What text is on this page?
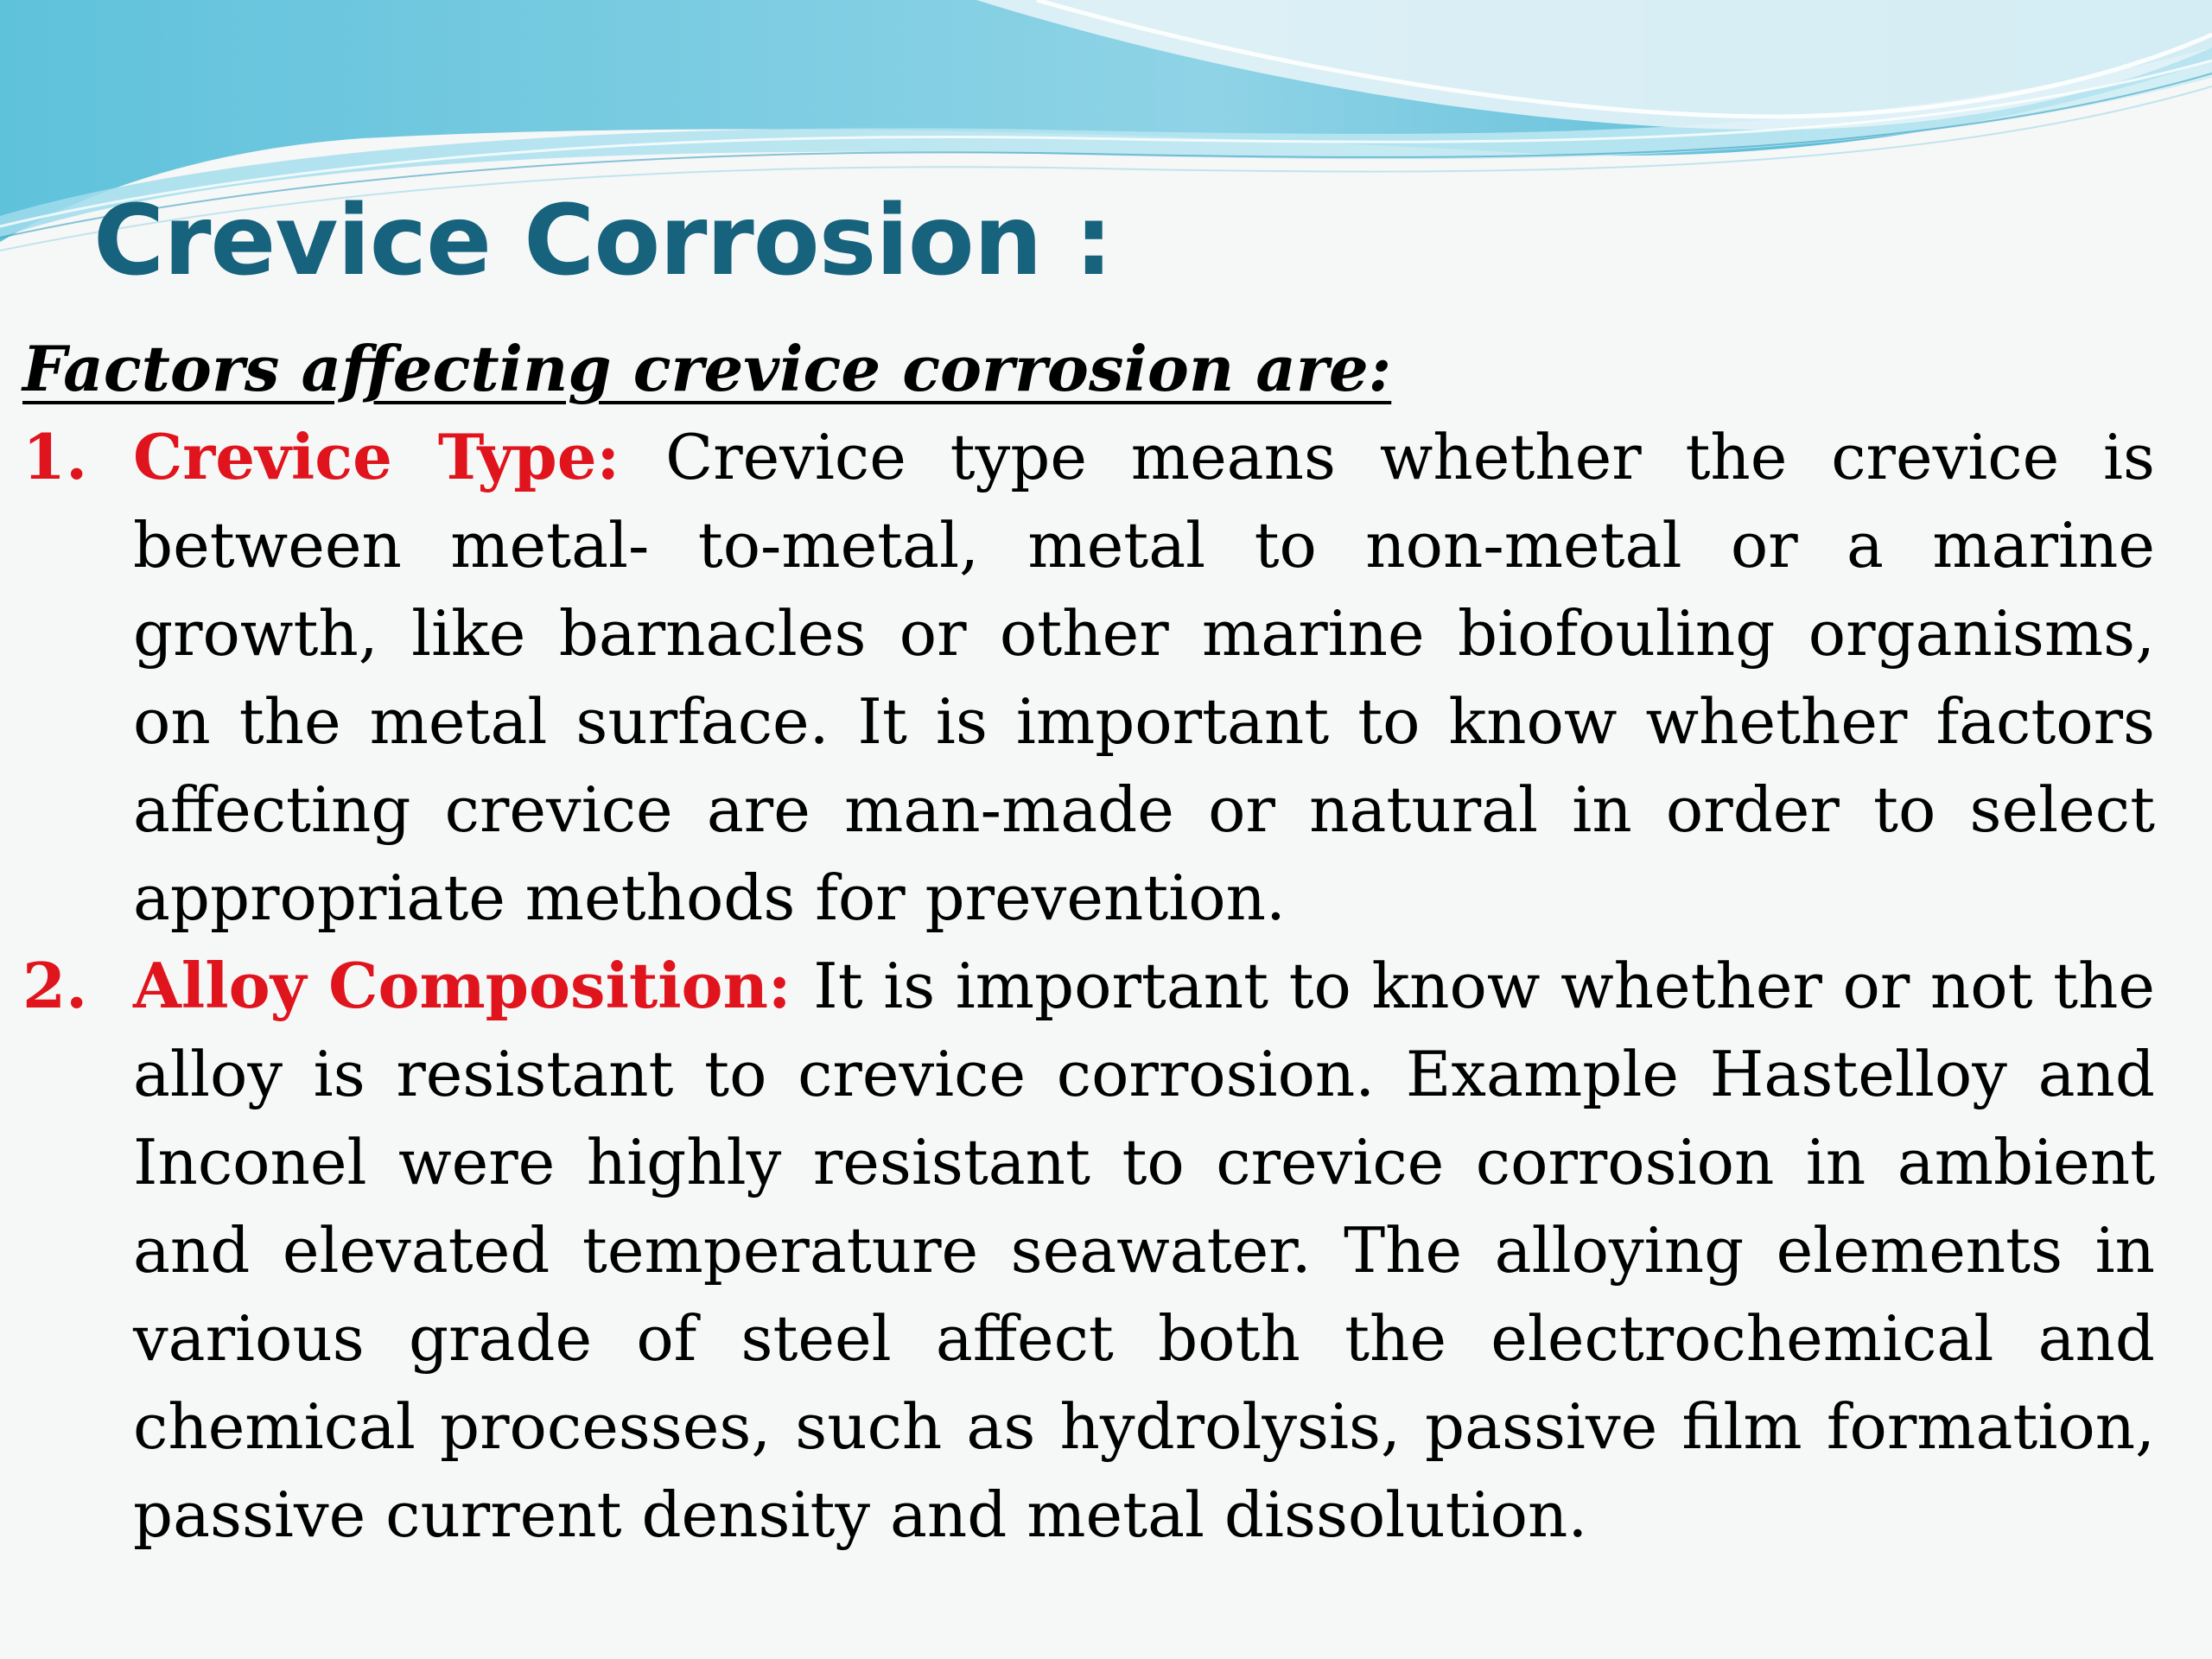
Crevice Corrosion :

Factors affecting crevice corrosion are:

1. Crevice Type: Crevice type means whether the crevice is between metal- to-metal, metal to non-metal or a marine growth, like barnacles or other marine biofouling organisms, on the metal surface. It is important to know whether factors affecting crevice are man-made or natural in order to select appropriate methods for prevention.
2. Alloy Composition: It is important to know whether or not the alloy is resistant to crevice corrosion. Example Hastelloy and Inconel were highly resistant to crevice corrosion in ambient and elevated temperature seawater. The alloying elements in various grade of steel affect both the electrochemical and chemical processes, such as hydrolysis, passive film formation, passive current density and metal dissolution.
